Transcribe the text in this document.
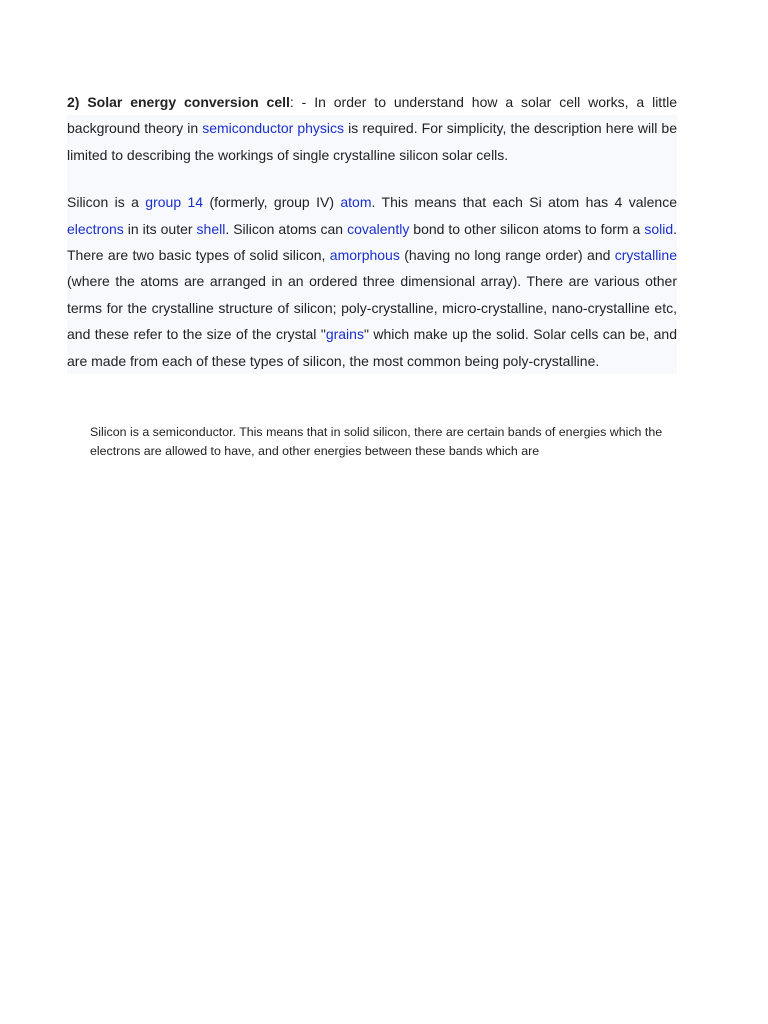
2) Solar energy conversion cell: - In order to understand how a solar cell works, a little background theory in semiconductor physics is required. For simplicity, the description here will be limited to describing the workings of single crystalline silicon solar cells.

Silicon is a group 14 (formerly, group IV) atom. This means that each Si atom has 4 valence electrons in its outer shell. Silicon atoms can covalently bond to other silicon atoms to form a solid. There are two basic types of solid silicon, amorphous (having no long range order) and crystalline (where the atoms are arranged in an ordered three dimensional array). There are various other terms for the crystalline structure of silicon; poly-crystalline, micro-crystalline, nano-crystalline etc, and these refer to the size of the crystal "grains" which make up the solid. Solar cells can be, and are made from each of these types of silicon, the most common being poly-crystalline.

Silicon is a semiconductor. This means that in solid silicon, there are certain bands of energies which the electrons are allowed to have, and other energies between these bands which are
